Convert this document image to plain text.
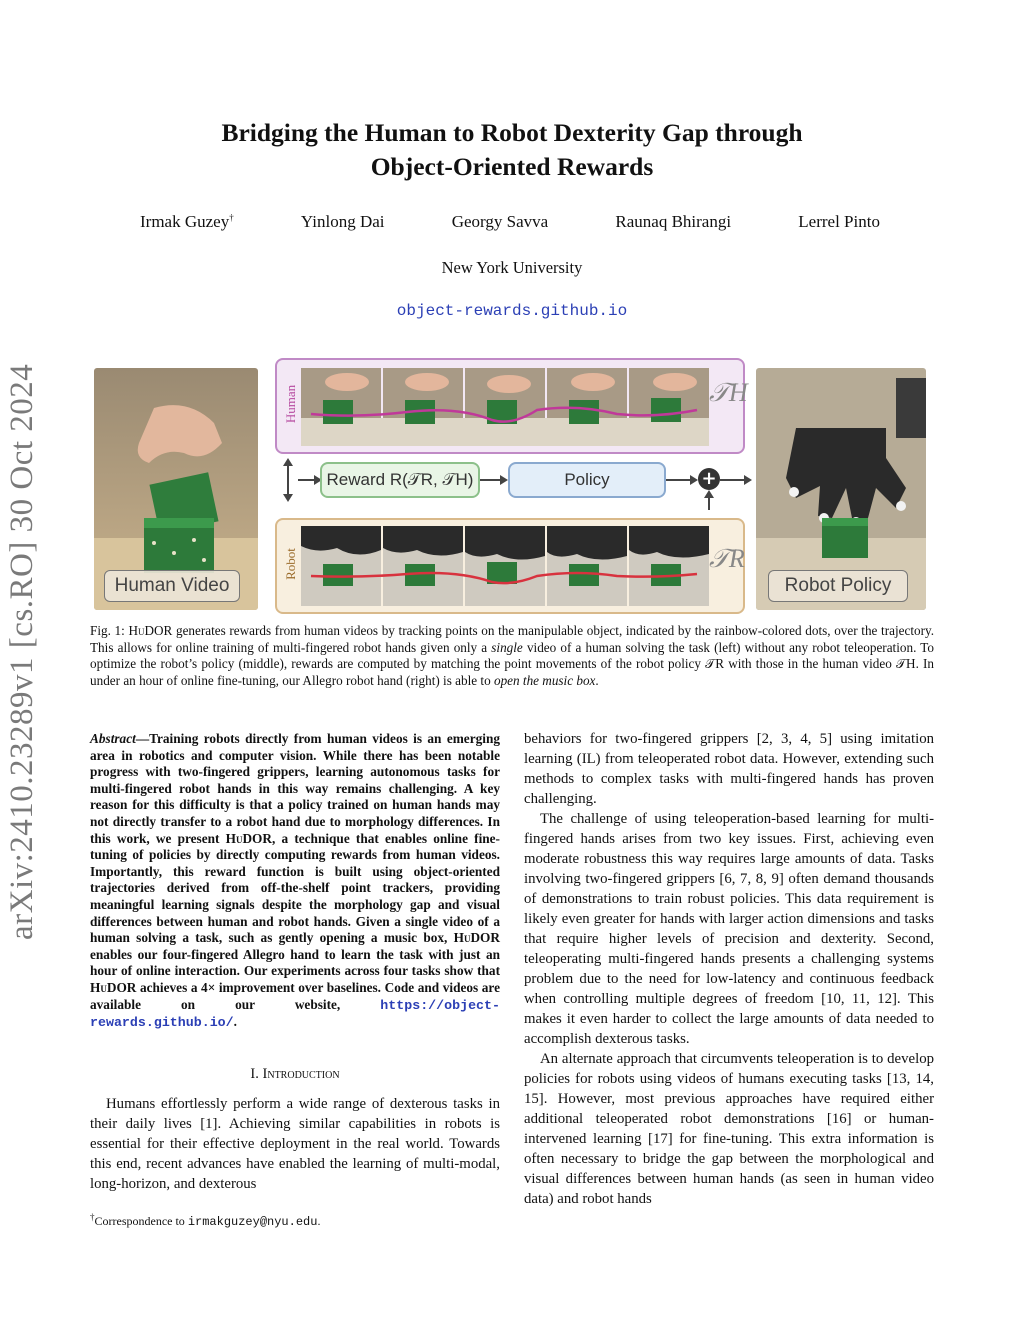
arXiv:2410.23289v1 [cs.RO] 30 Oct 2024
Bridging the Human to Robot Dexterity Gap through
Object-Oriented Rewards
Irmak Guzey†	Yinlong Dai	Georgy Savva	Raunaq Bhirangi	Lerrel Pinto
New York University
object-rewards.github.io
Human Video
Human	𝒯H
Reward R(𝒯R, 𝒯H)	Policy	+
Robot	𝒯R
Robot Policy
Fig. 1: HuDOR generates rewards from human videos by tracking points on the manipulable object, indicated by the rainbow-colored dots, over the trajectory. This allows for online training of multi-fingered robot hands given only a single video of a human solving the task (left) without any robot teleoperation. To optimize the robot’s policy (middle), rewards are computed by matching the point movements of the robot policy 𝒯R with those in the human video 𝒯H. In under an hour of online fine-tuning, our Allegro robot hand (right) is able to open the music box.
Abstract—Training robots directly from human videos is an emerging area in robotics and computer vision. While there has been notable progress with two-fingered grippers, learning autonomous tasks for multi-fingered robot hands in this way remains challenging. A key reason for this difficulty is that a policy trained on human hands may not directly transfer to a robot hand due to morphology differences. In this work, we present HuDOR, a technique that enables online fine-tuning of policies by directly computing rewards from human videos. Importantly, this reward function is built using object-oriented trajectories derived from off-the-shelf point trackers, providing meaningful learning signals despite the morphology gap and visual differences between human and robot hands. Given a single video of a human solving a task, such as gently opening a music box, HuDOR enables our four-fingered Allegro hand to learn the task with just an hour of online interaction. Our experiments across four tasks show that HuDOR achieves a 4× improvement over baselines. Code and videos are available on our website, https://object-rewards.github.io/.
I. Introduction

Humans effortlessly perform a wide range of dexterous tasks in their daily lives [1]. Achieving similar capabilities in robots is essential for their effective deployment in the real world. Towards this end, recent advances have enabled the learning of multi-modal, long-horizon, and dexterous

†Correspondence to irmakguzey@nyu.edu.

behaviors for two-fingered grippers [2, 3, 4, 5] using imitation learning (IL) from teleoperated robot data. However, extending such methods to complex tasks with multi-fingered hands has proven challenging.

The challenge of using teleoperation-based learning for multi-fingered hands arises from two key issues. First, achieving even moderate robustness this way requires large amounts of data. Tasks involving two-fingered grippers [6, 7, 8, 9] often demand thousands of demonstrations to train robust policies. This data requirement is likely even greater for hands with larger action dimensions and tasks that require higher levels of precision and dexterity. Second, teleoperating multi-fingered hands presents a challenging systems problem due to the need for low-latency and continuous feedback when controlling multiple degrees of freedom [10, 11, 12]. This makes it even harder to collect the large amounts of data needed to accomplish dexterous tasks.

An alternate approach that circumvents teleoperation is to develop policies for robots using videos of humans executing tasks [13, 14, 15]. However, most previous approaches have required either additional teleoperated robot demonstrations [16] or human-intervened learning [17] for fine-tuning. This extra information is often necessary to bridge the gap between the morphological and visual differences between human hands (as seen in human video data) and robot hands
